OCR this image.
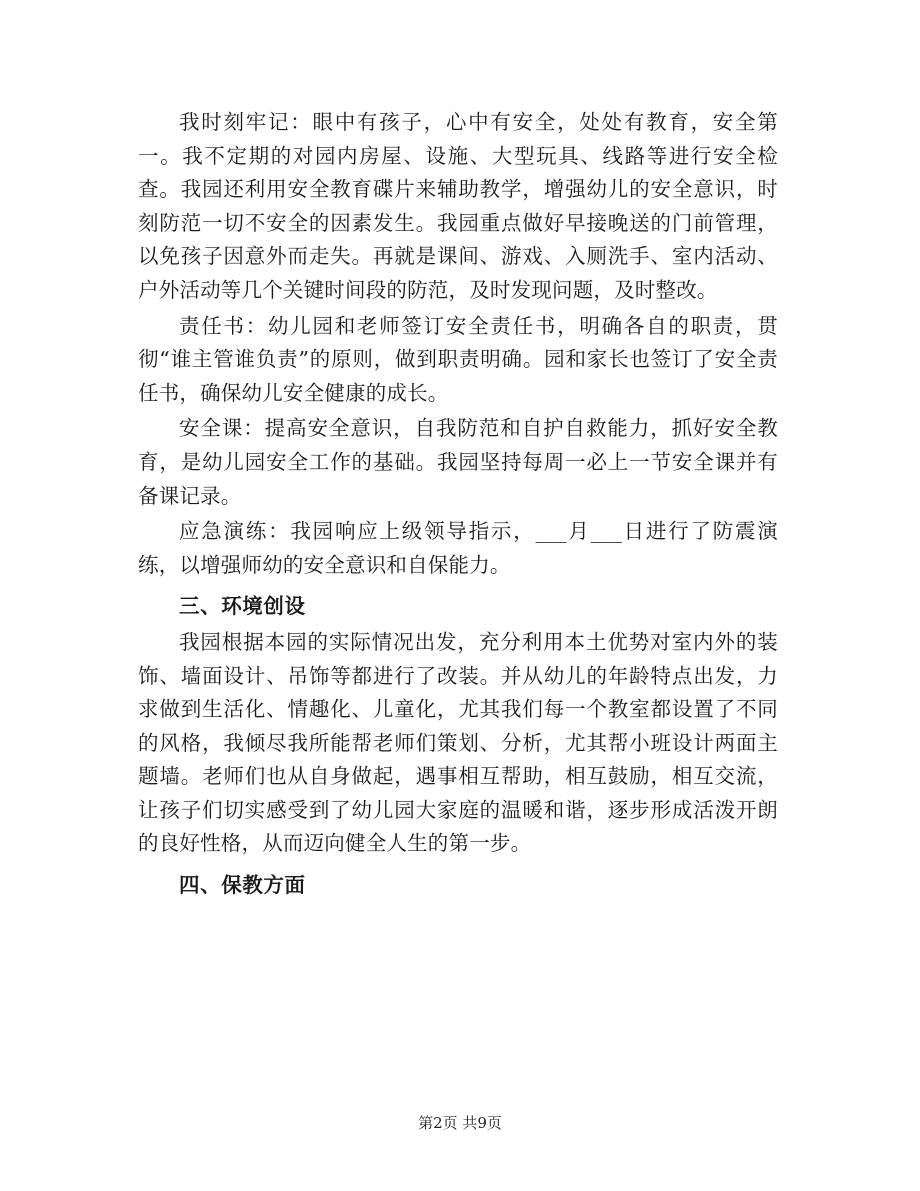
我时刻牢记：眼中有孩子，心中有安全，处处有教育，安全第一。我不定期的对园内房屋、设施、大型玩具、线路等进行安全检查。我园还利用安全教育碟片来辅助教学，增强幼儿的安全意识，时刻防范一切不安全的因素发生。我园重点做好早接晚送的门前管理，以免孩子因意外而走失。再就是课间、游戏、入厕洗手、室内活动、户外活动等几个关键时间段的防范，及时发现问题，及时整改。

责任书：幼儿园和老师签订安全责任书，明确各自的职责，贯彻“谁主管谁负责”的原则，做到职责明确。园和家长也签订了安全责任书，确保幼儿安全健康的成长。

安全课：提高安全意识，自我防范和自护自救能力，抓好安全教育，是幼儿园安全工作的基础。我园坚持每周一必上一节安全课并有备课记录。

应急演练：我园响应上级领导指示，___月___日进行了防震演练，以增强师幼的安全意识和自保能力。

三、环境创设

我园根据本园的实际情况出发，充分利用本土优势对室内外的装饰、墙面设计、吊饰等都进行了改装。并从幼儿的年龄特点出发，力求做到生活化、情趣化、儿童化，尤其我们每一个教室都设置了不同的风格，我倾尽我所能帮老师们策划、分析，尤其帮小班设计两面主题墙。老师们也从自身做起，遇事相互帮助，相互鼓励，相互交流，让孩子们切实感受到了幼儿园大家庭的温暖和谐，逐步形成活泼开朗的良好性格，从而迈向健全人生的第一步。

四、保教方面

第2页 共9页
